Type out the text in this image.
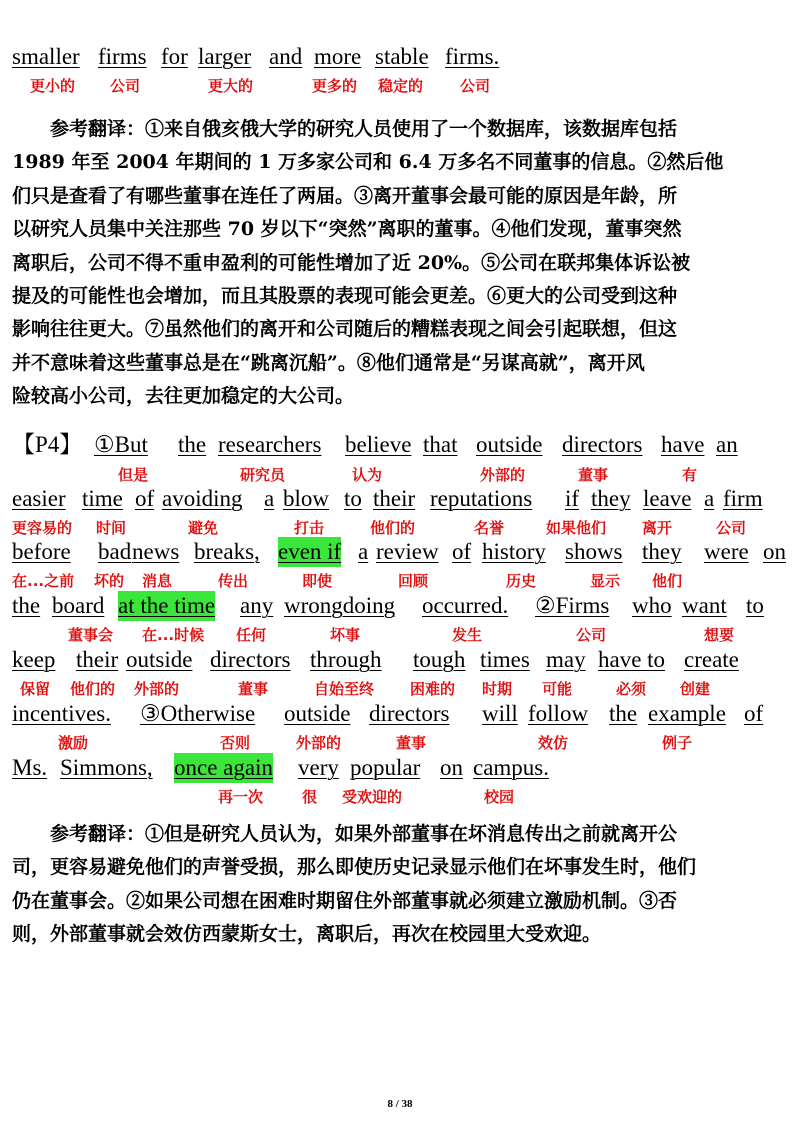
smaller firms for larger and more stable firms.
更小的 公司	更大的	更多的 稳定的 公司
参考翻译：①来自俄亥俄大学的研究人员使用了一个数据库，该数据库包括
1989 年至 2004 年期间的 1 万多家公司和 6.4 万多名不同董事的信息。②然后他
们只是查看了有哪些董事在连任了两届。③离开董事会最可能的原因是年龄，所
以研究人员集中关注那些 70 岁以下“突然”离职的董事。④他们发现，董事突然
离职后，公司不得不重申盈利的可能性增加了近 20%。⑤公司在联邦集体诉讼被
提及的可能性也会增加，而且其股票的表现可能会更差。⑥更大的公司受到这种
影响往往更大。⑦虽然他们的离开和公司随后的糟糕表现之间会引起联想，但这
并不意味着这些董事总是在“跳离沉船”。⑧他们通常是“另谋高就”，离开风
险较高小公司，去往更加稳定的大公司。
【P4】 ①But the researchers believe that outside directors have an
但是	研究员	认为	外部的	董事	有
easier time of avoiding a blow to their reputations if they leave a firm
更容易的 时间	避免	打击	他们的	名誉	如果他们 离开	公司
before bad news breaks, even if a review of history shows they were on
在...之前 坏的 消息	传出	即使	回顾	历史	显示 他们
the board at the time any wrongdoing occurred. ②Firms who want to
董事会 在...时候 任何	坏事	发生	公司	想要
keep their outside directors through tough times may have to create
保留 他们的 外部的	董事	自始至终 困难的 时期 可能	必须 创建
incentives. ③Otherwise outside directors will follow the example of
激励	否则	外部的	董事	效仿	例子
Ms. Simmons, once again very popular on campus.
再一次	很 受欢迎的	校园
参考翻译：①但是研究人员认为，如果外部董事在坏消息传出之前就离开公
司，更容易避免他们的声誉受损，那么即使历史记录显示他们在坏事发生时，他们
仍在董事会。②如果公司想在困难时期留住外部董事就必须建立激励机制。③否
则，外部董事就会效仿西蒙斯女士，离职后，再次在校园里大受欢迎。
8 / 38
